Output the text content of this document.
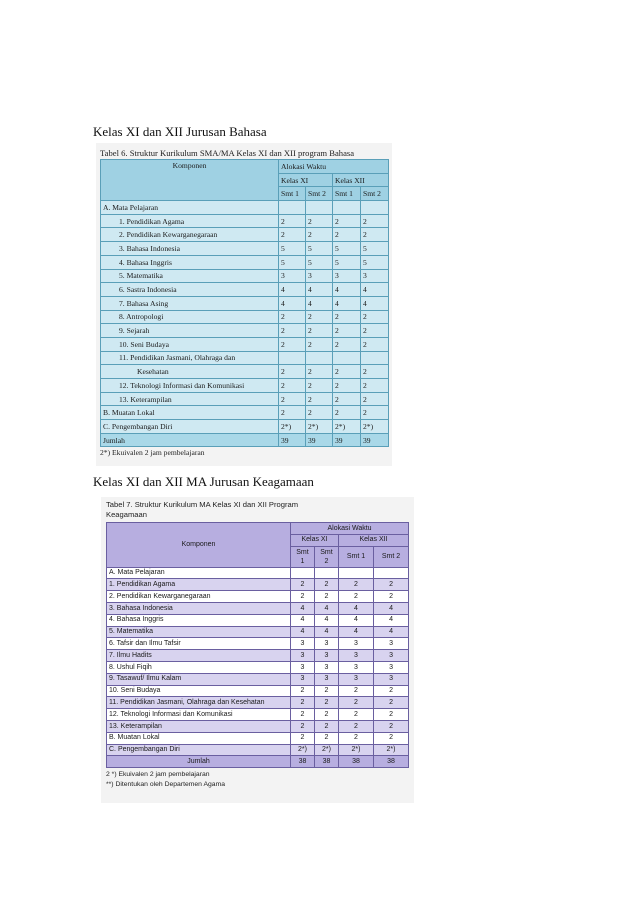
Kelas XI dan XII Jurusan Bahasa
Tabel 6. Struktur Kurikulum SMA/MA Kelas XI dan XII program Bahasa
Komponen	Alokasi Waktu			
	Kelas XI		Kelas XII	
	Smt 1	Smt 2	Smt 1	Smt 2
A. Mata Pelajaran				
1. Pendidikan Agama	2	2	2	2
2. Pendidikan Kewarganegaraan	2	2	2	2
3. Bahasa Indonesia	5	5	5	5
4. Bahasa Inggris	5	5	5	5
5. Matematika	3	3	3	3
6. Sastra Indonesia	4	4	4	4
7. Bahasa Asing	4	4	4	4
8. Antropologi	2	2	2	2
9. Sejarah	2	2	2	2
10. Seni Budaya	2	2	2	2
11. Pendidikan Jasmani, Olahraga dan				
Kesehatan	2	2	2	2
12. Teknologi Informasi dan Komunikasi	2	2	2	2
13. Keterampilan	2	2	2	2
B. Muatan Lokal	2	2	2	2
C. Pengembangan Diri	2*)	2*)	2*)	2*)
Jumlah	39	39	39	39
2*) Ekuivalen 2 jam pembelajaran
Kelas XI dan XII MA Jurusan Keagamaan
Tabel 7. Struktur Kurikulum MA Kelas XI dan XII Program
Keagamaan
Komponen	Alokasi Waktu			
	Kelas XI		Kelas XII	
	Smt
1	Smt
2	Smt 1	Smt 2
A. Mata Pelajaran				
1. Pendidikan Agama	2	2	2	2
2. Pendidikan Kewarganegaraan	2	2	2	2
3. Bahasa Indonesia	4	4	4	4
4. Bahasa Inggris	4	4	4	4
5. Matematika	4	4	4	4
6. Tafsir dan Ilmu Tafsir	3	3	3	3
7. Ilmu Hadits	3	3	3	3
8. Ushul Fiqih	3	3	3	3
9. Tasawuf/ Ilmu Kalam	3	3	3	3
10. Seni Budaya	2	2	2	2
11. Pendidikan Jasmani, Olahraga dan Kesehatan	2	2	2	2
12. Teknologi Informasi dan Komunikasi	2	2	2	2
13. Keterampilan	2	2	2	2
B. Muatan Lokal	2	2	2	2
C. Pengembangan Diri	2*)	2*)	2*)	2*)
Jumlah	38	38	38	38
2 *) Ekuivalen 2 jam pembelajaran
**) Ditentukan oleh Departemen Agama
